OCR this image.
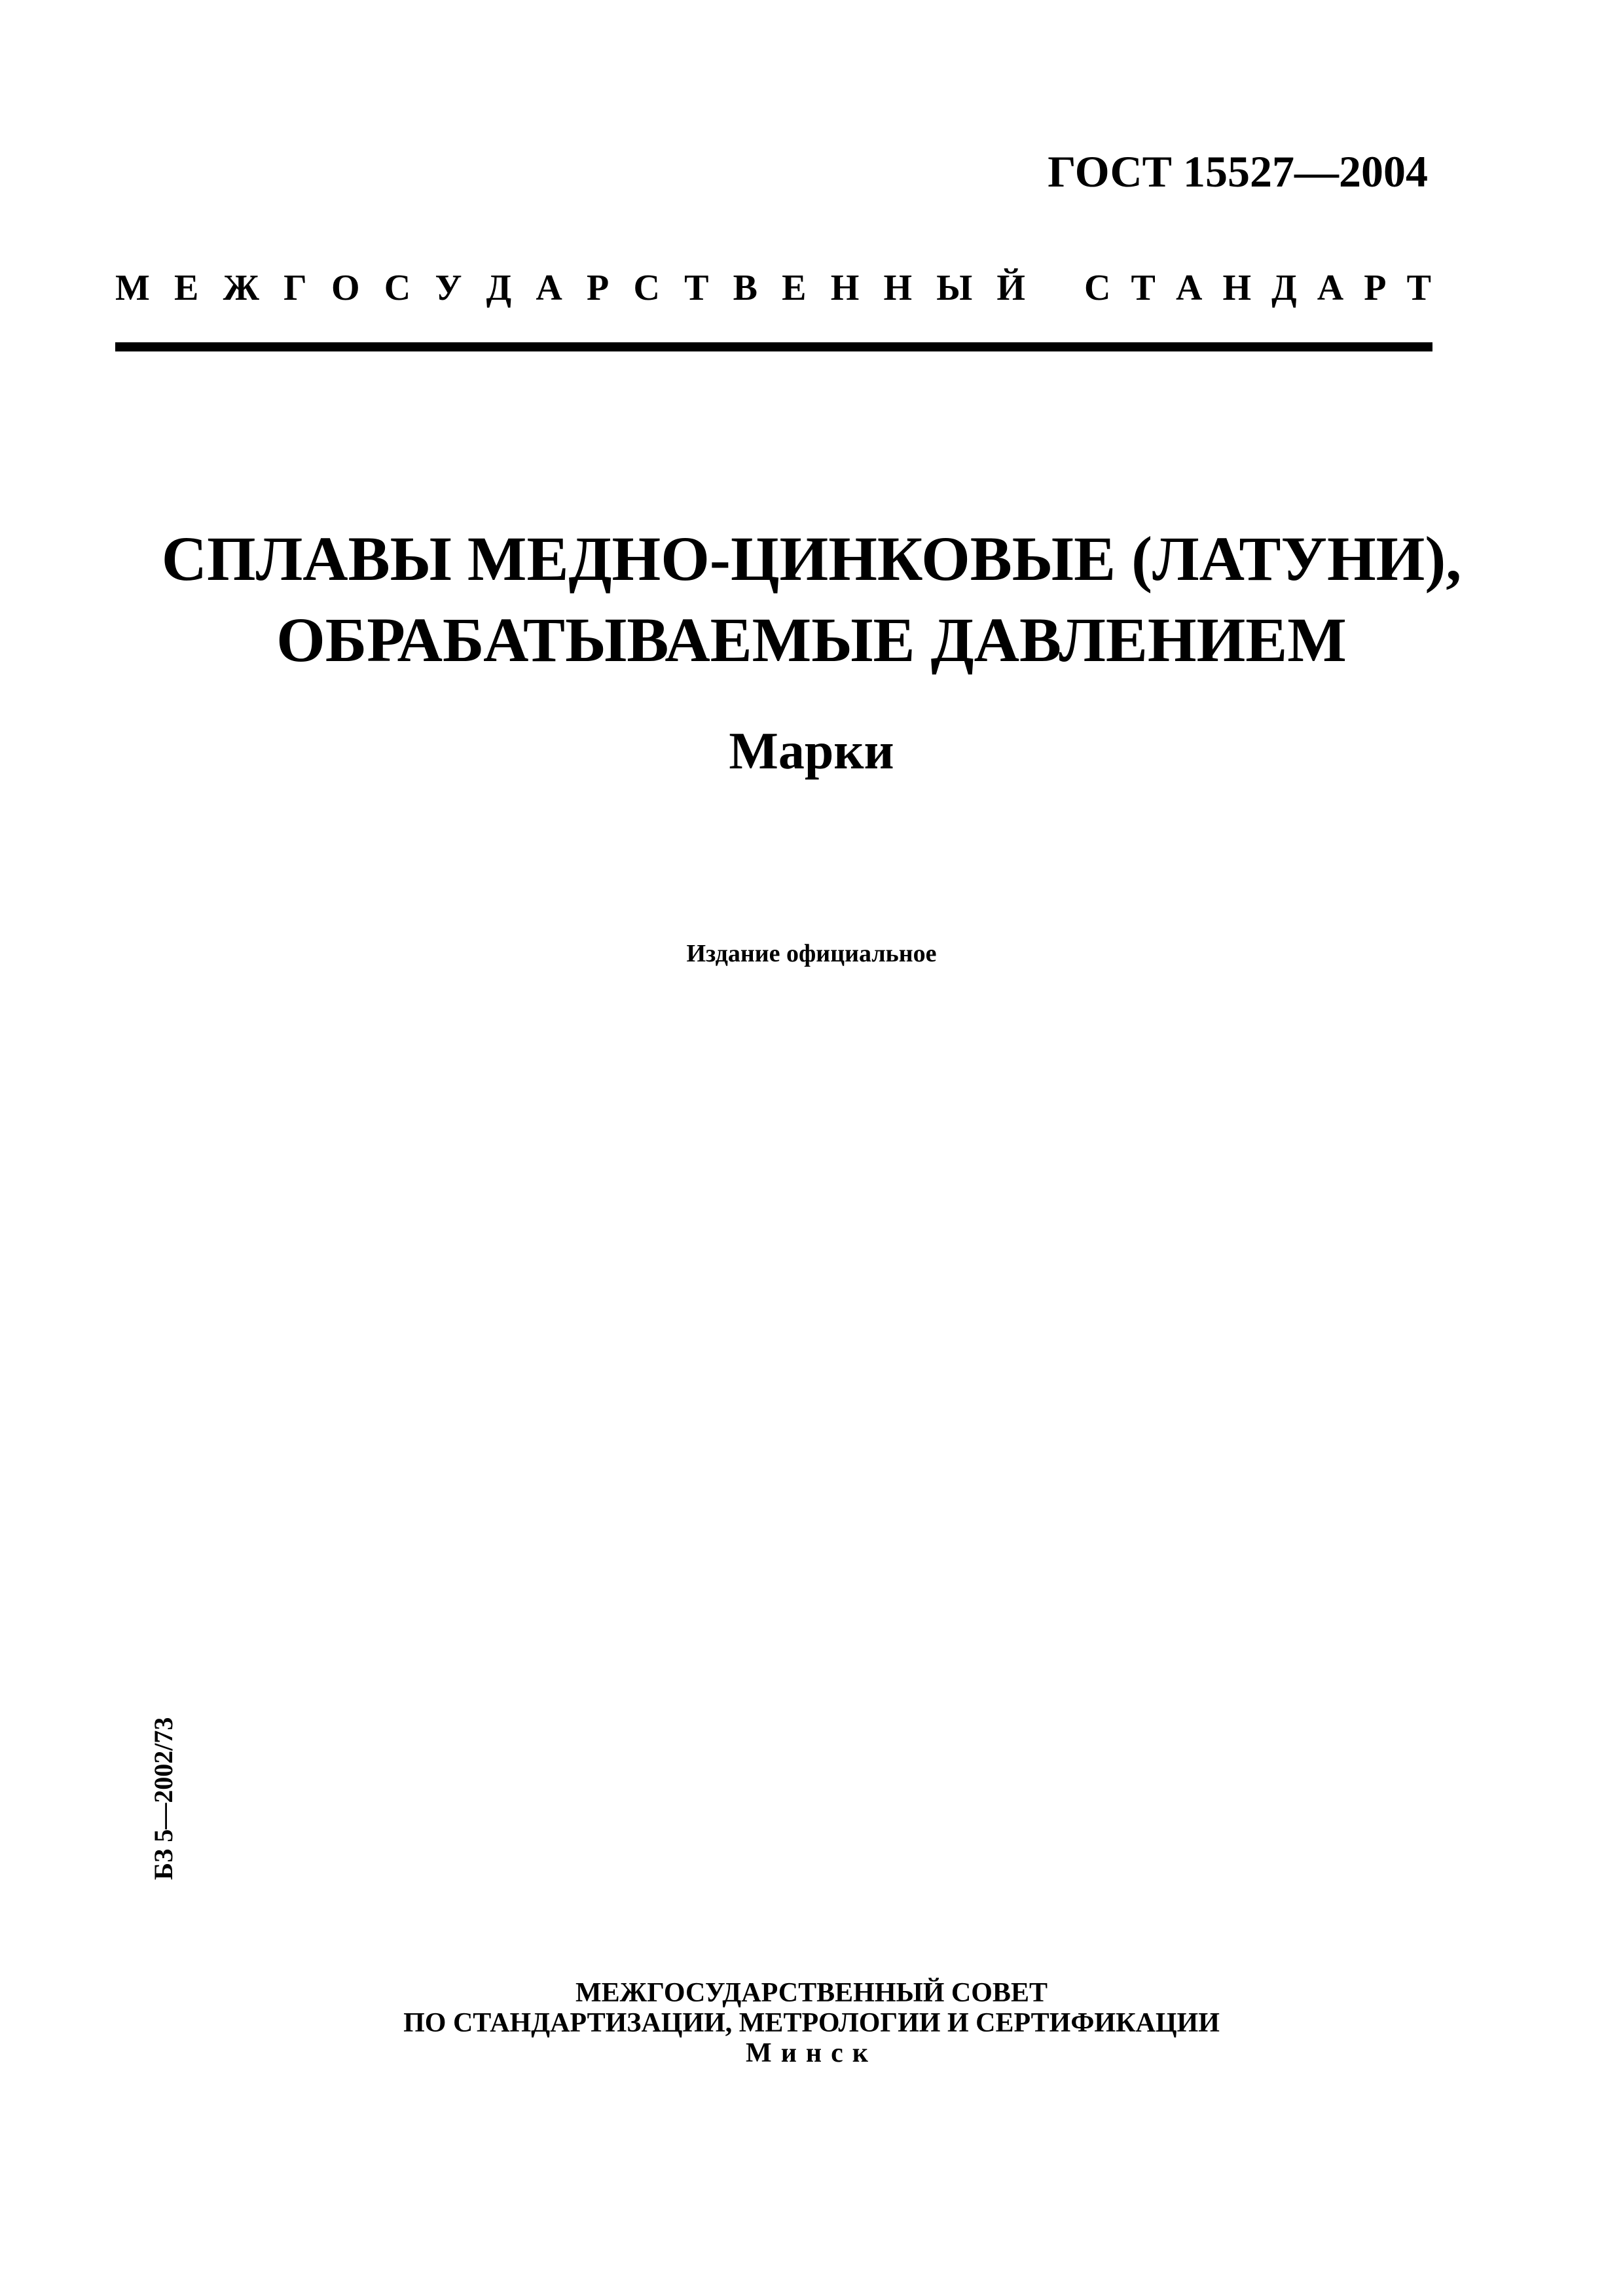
ГОСТ 15527—2004
М Е Ж Г О С У Д А Р С Т В Е Н Н Ы Й С Т А Н Д А Р Т
СПЛАВЫ МЕДНО-ЦИНКОВЫЕ (ЛАТУНИ),
ОБРАБАТЫВАЕМЫЕ ДАВЛЕНИЕМ
Марки
Издание официальное
БЗ 5—2002/73
МЕЖГОСУДАРСТВЕННЫЙ СОВЕТ
ПО СТАНДАРТИЗАЦИИ, МЕТРОЛОГИИ И СЕРТИФИКАЦИИ
Минск
